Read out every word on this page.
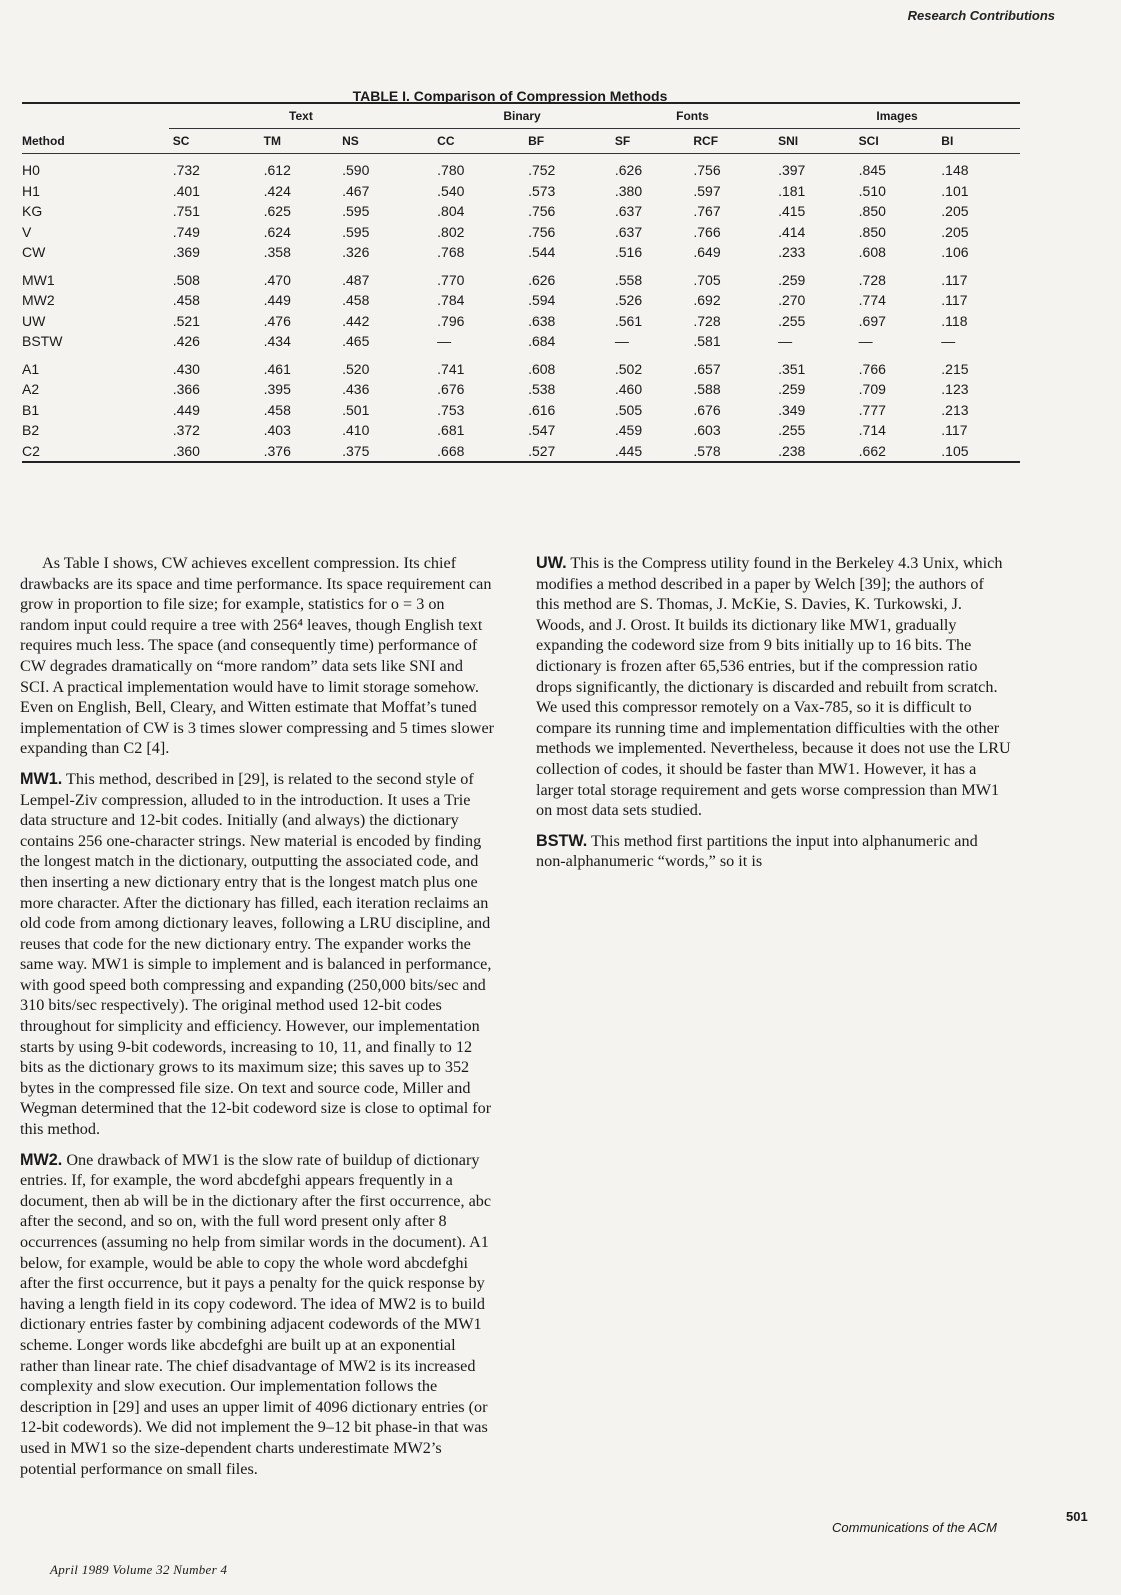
Research Contributions
TABLE I. Comparison of Compression Methods
	Text			Binary		Fonts		Images		
Method	SC	TM	NS	CC	BF	SF	RCF	SNI	SCI	BI
H0	.732	.612	.590	.780	.752	.626	.756	.397	.845	.148
H1	.401	.424	.467	.540	.573	.380	.597	.181	.510	.101
KG	.751	.625	.595	.804	.756	.637	.767	.415	.850	.205
V	.749	.624	.595	.802	.756	.637	.766	.414	.850	.205
CW	.369	.358	.326	.768	.544	.516	.649	.233	.608	.106
MW1	.508	.470	.487	.770	.626	.558	.705	.259	.728	.117
MW2	.458	.449	.458	.784	.594	.526	.692	.270	.774	.117
UW	.521	.476	.442	.796	.638	.561	.728	.255	.697	.118
BSTW	.426	.434	.465	—	.684	—	.581	—	—	—
A1	.430	.461	.520	.741	.608	.502	.657	.351	.766	.215
A2	.366	.395	.436	.676	.538	.460	.588	.259	.709	.123
B1	.449	.458	.501	.753	.616	.505	.676	.349	.777	.213
B2	.372	.403	.410	.681	.547	.459	.603	.255	.714	.117
C2	.360	.376	.375	.668	.527	.445	.578	.238	.662	.105

As Table I shows, CW achieves excellent compression. Its chief drawbacks are its space and time performance. Its space requirement can grow in proportion to file size; for example, statistics for o = 3 on random input could require a tree with 256⁴ leaves, though English text requires much less. The space (and consequently time) performance of CW degrades dramatically on “more random” data sets like SNI and SCI. A practical implementation would have to limit storage somehow. Even on English, Bell, Cleary, and Witten estimate that Moffat’s tuned implementation of CW is 3 times slower compressing and 5 times slower expanding than C2 [4].

MW1. This method, described in [29], is related to the second style of Lempel-Ziv compression, alluded to in the introduction. It uses a Trie data structure and 12-bit codes. Initially (and always) the dictionary contains 256 one-character strings. New material is encoded by finding the longest match in the dictionary, outputting the associated code, and then inserting a new dictionary entry that is the longest match plus one more character. After the dictionary has filled, each iteration reclaims an old code from among dictionary leaves, following a LRU discipline, and reuses that code for the new dictionary entry. The expander works the same way. MW1 is simple to implement and is balanced in performance, with good speed both compressing and expanding (250,000 bits/sec and 310 bits/sec respectively). The original method used 12-bit codes throughout for simplicity and efficiency. However, our implementation starts by using 9-bit codewords, increasing to 10, 11, and finally to 12 bits as the dictionary grows to its maximum size; this saves up to 352 bytes in the compressed file size. On text and source code, Miller and Wegman determined that the 12-bit codeword size is close to optimal for this method.

MW2. One drawback of MW1 is the slow rate of buildup of dictionary entries. If, for example, the word abcdefghi appears frequently in a document, then ab will be in the dictionary after the first occurrence, abc after the second, and so on, with the full word present only after 8 occurrences (assuming no help from similar words in the document). A1 below, for example, would be able to copy the whole word abcdefghi after the first occurrence, but it pays a penalty for the quick response by having a length field in its copy codeword. The idea of MW2 is to build dictionary entries faster by combining adjacent codewords of the MW1 scheme. Longer words like abcdefghi are built up at an exponential rather than linear rate. The chief disadvantage of MW2 is its increased complexity and slow execution. Our implementation follows the description in [29] and uses an upper limit of 4096 dictionary entries (or 12-bit codewords). We did not implement the 9–12 bit phase-in that was used in MW1 so the size-dependent charts underestimate MW2’s potential performance on small files.

UW. This is the Compress utility found in the Berkeley 4.3 Unix, which modifies a method described in a paper by Welch [39]; the authors of this method are S. Thomas, J. McKie, S. Davies, K. Turkowski, J. Woods, and J. Orost. It builds its dictionary like MW1, gradually expanding the codeword size from 9 bits initially up to 16 bits. The dictionary is frozen after 65,536 entries, but if the compression ratio drops significantly, the dictionary is discarded and rebuilt from scratch. We used this compressor remotely on a Vax-785, so it is difficult to compare its running time and implementation difficulties with the other methods we implemented. Nevertheless, because it does not use the LRU collection of codes, it should be faster than MW1. However, it has a larger total storage requirement and gets worse compression than MW1 on most data sets studied.

BSTW. This method first partitions the input into alphanumeric and non-alphanumeric “words,” so it is

April 1989 Volume 32 Number 4
Communications of the ACM
501
